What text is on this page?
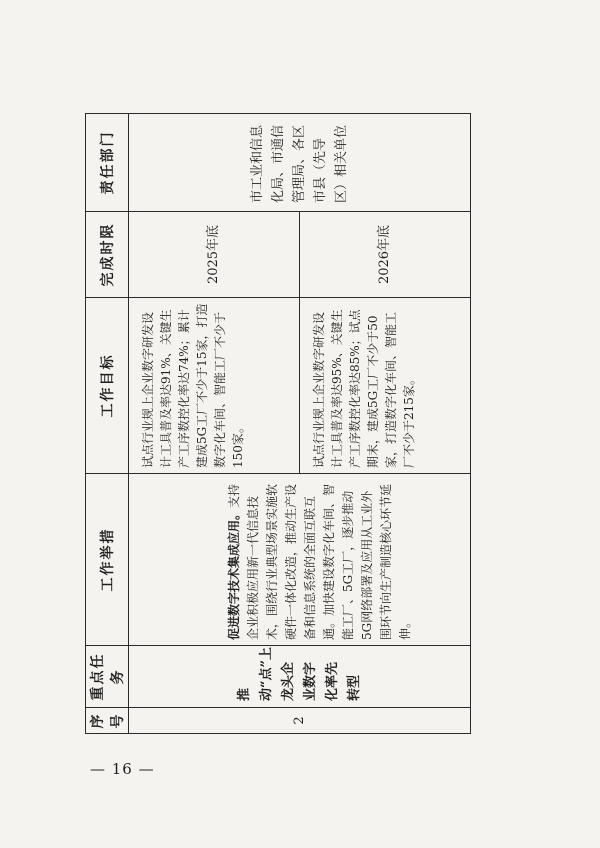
— 16 —
序号	重点任务	工作举措	工作目标	完成时限	责任部门
2	推动“点”上龙头企业数字化率先转型	促进数字技术集成应用。支持企业积极应用新一代信息技术，围绕行业典型场景实施软硬件一体化改造，推动生产设备和信息系统的全面互联互通。加快建设数字化车间、智能工厂、5G工厂，逐步推动5G网络部署及应用从工业外围环节向生产制造核心环节延伸。	试点行业规上企业数字研发设计工具普及率达91%、关键生产工序数控化率达74%；累计建成5G工厂不少于15家，打造数字化车间、智能工厂不少于150家。	2025年底	市工业和信息化局、市通信管理局、各区市县（先导区）相关单位
			试点行业规上企业数字研发设计工具普及率达95%、关键生产工序数控化率达85%；试点期末，建成5G工厂不少于50家，打造数字化车间、智能工厂不少于215家。	2026年底	
